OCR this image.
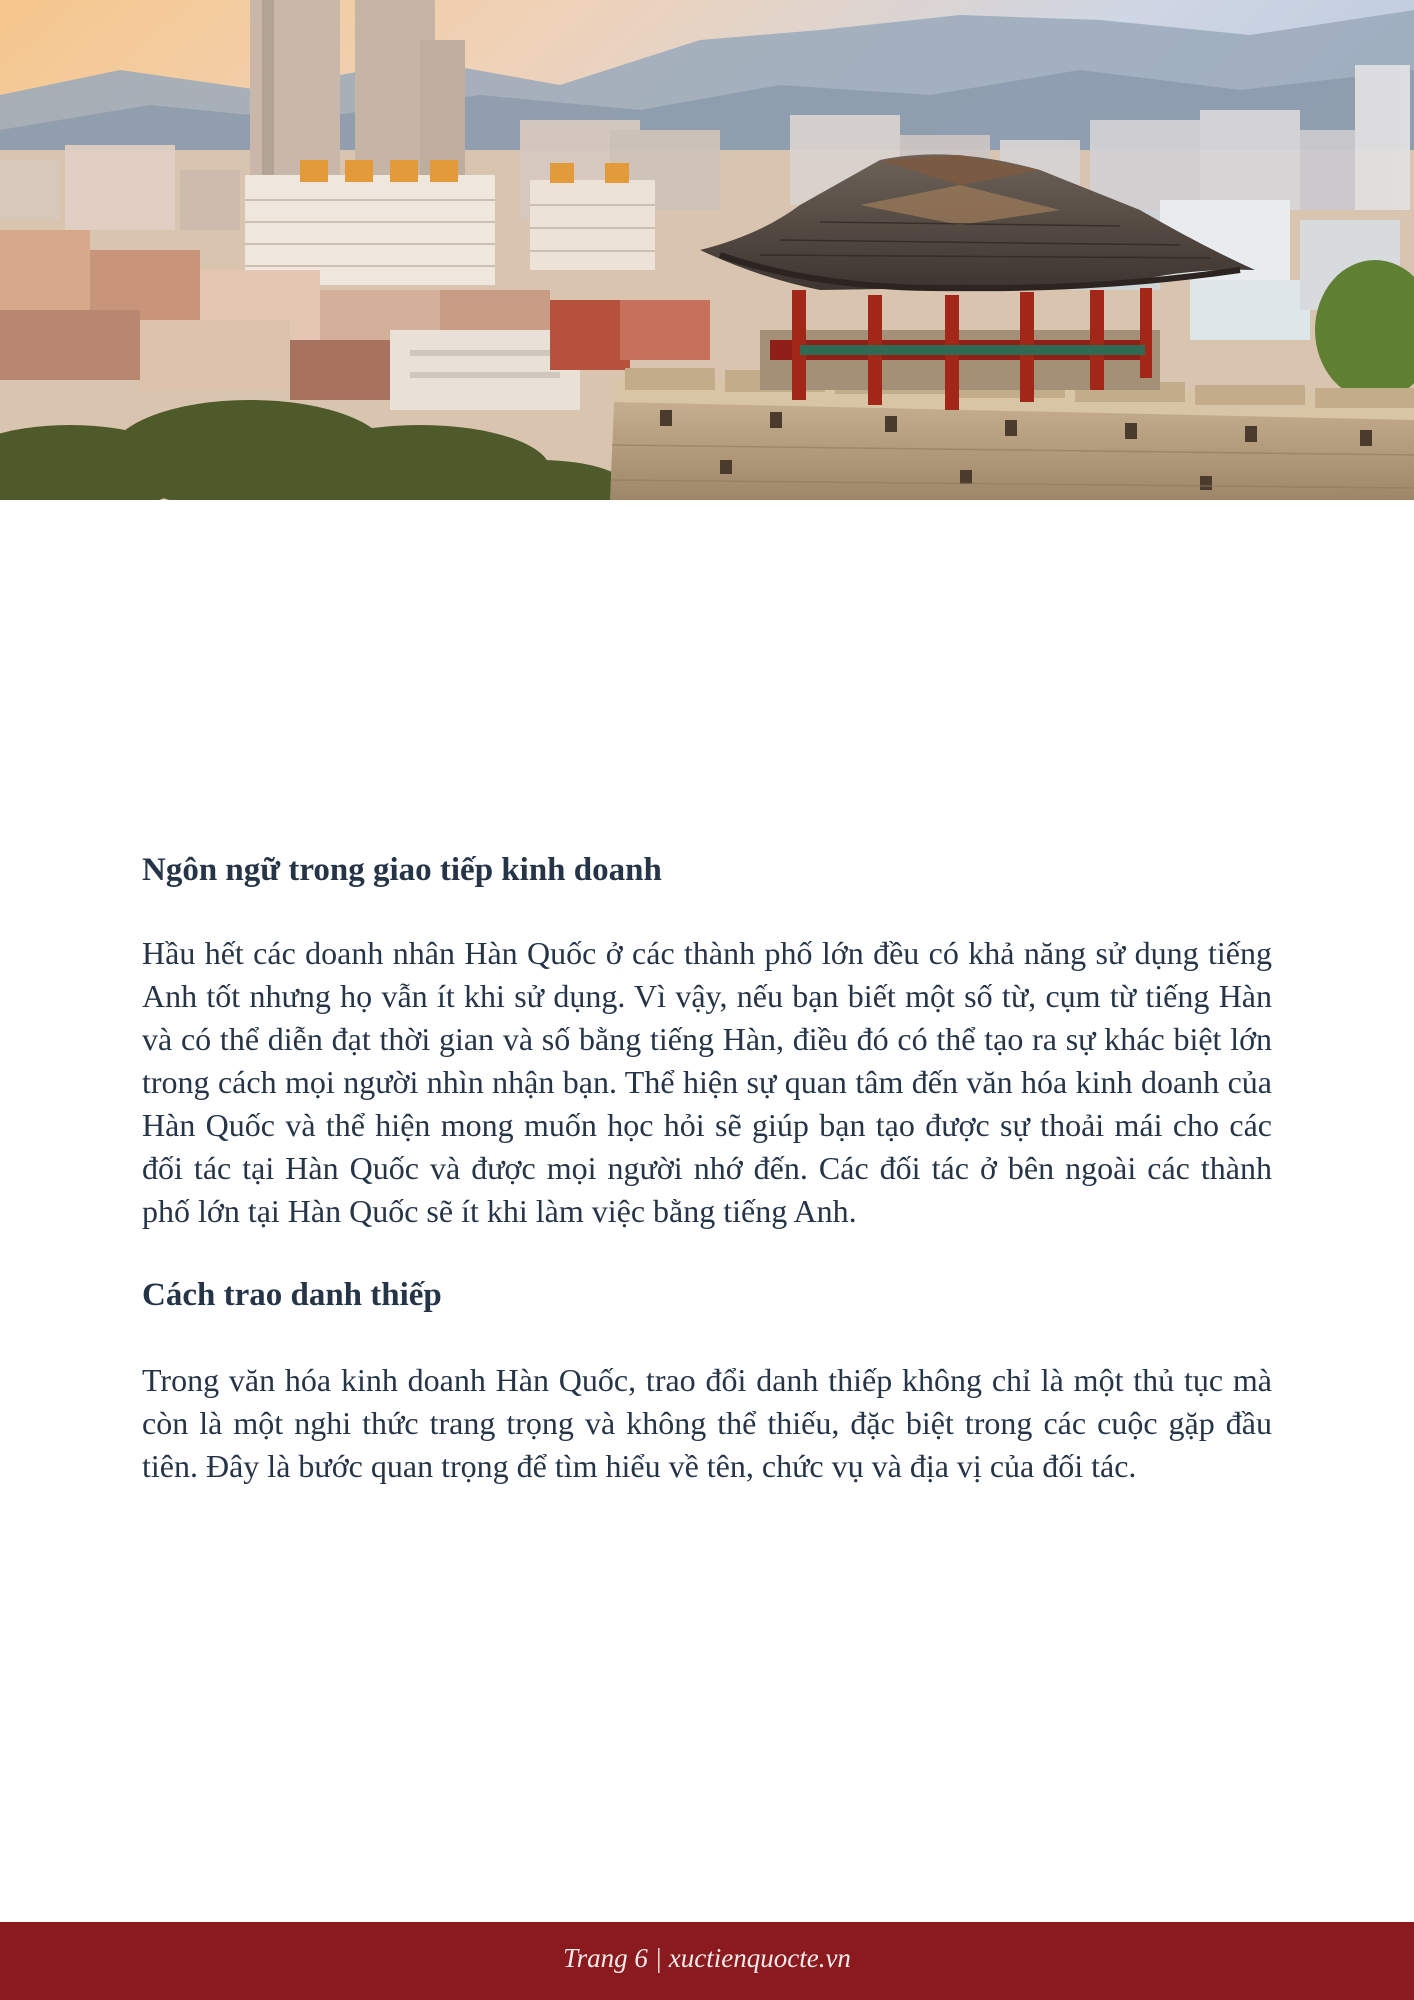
Ngôn ngữ trong giao tiếp kinh doanh

Hầu hết các doanh nhân Hàn Quốc ở các thành phố lớn đều có khả năng sử dụng tiếng Anh tốt nhưng họ vẫn ít khi sử dụng. Vì vậy, nếu bạn biết một số từ, cụm từ tiếng Hàn và có thể diễn đạt thời gian và số bằng tiếng Hàn, điều đó có thể tạo ra sự khác biệt lớn trong cách mọi người nhìn nhận bạn. Thể hiện sự quan tâm đến văn hóa kinh doanh của Hàn Quốc và thể hiện mong muốn học hỏi sẽ giúp bạn tạo được sự thoải mái cho các đối tác tại Hàn Quốc và được mọi người nhớ đến. Các đối tác ở bên ngoài các thành phố lớn tại Hàn Quốc sẽ ít khi làm việc bằng tiếng Anh.

Cách trao danh thiếp

Trong văn hóa kinh doanh Hàn Quốc, trao đổi danh thiếp không chỉ là một thủ tục mà còn là một nghi thức trang trọng và không thể thiếu, đặc biệt trong các cuộc gặp đầu tiên. Đây là bước quan trọng để tìm hiểu về tên, chức vụ và địa vị của đối tác.

Trang 6 | xuctienquocte.vn
